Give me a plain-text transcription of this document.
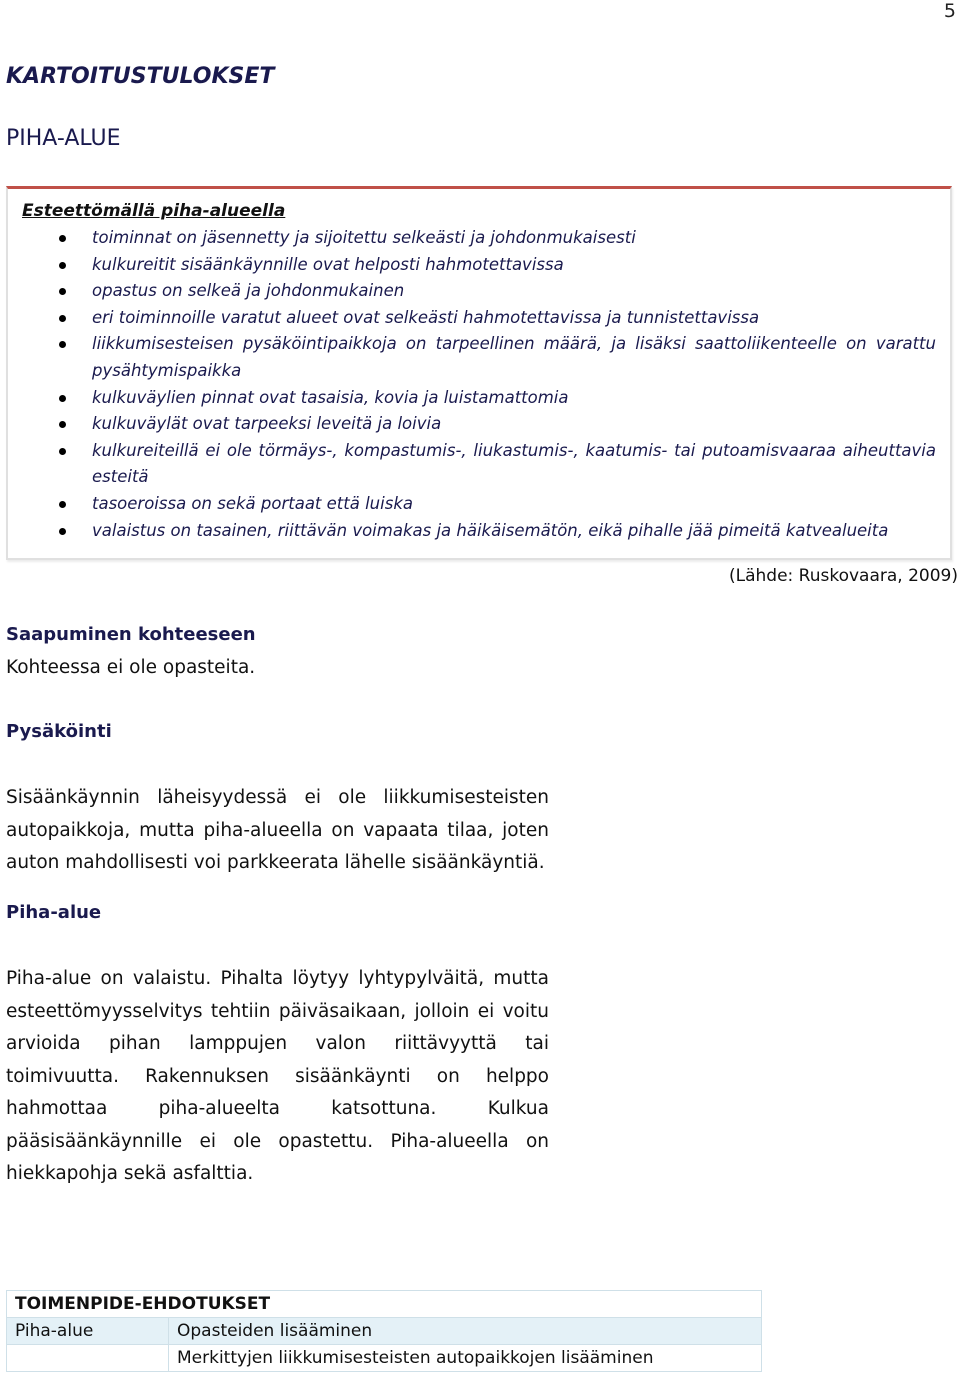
5
KARTOITUSTULOKSET
PIHA-ALUE

Esteettömällä piha-alueella

toiminnat on jäsennetty ja sijoitettu selkeästi ja johdonmukaisesti
kulkureitit sisäänkäynnille ovat helposti hahmotettavissa
opastus on selkeä ja johdonmukainen
eri toiminnoille varatut alueet ovat selkeästi hahmotettavissa ja tunnistettavissa
liikkumisesteisen pysäköintipaikkoja on tarpeellinen määrä, ja lisäksi saattoliikenteelle on varattu pysähtymispaikka
kulkuväylien pinnat ovat tasaisia, kovia ja luistamattomia
kulkuväylät ovat tarpeeksi leveitä ja loivia
kulkureiteillä ei ole törmäys-, kompastumis-, liukastumis-, kaatumis- tai putoamisvaaraa aiheuttavia esteitä
tasoeroissa on sekä portaat että luiska
valaistus on tasainen, riittävän voimakas ja häikäisemätön, eikä pihalle jää pimeitä katvealueita
(Lähde: Ruskovaara, 2009)
Saapuminen kohteeseen

Kohteessa ei ole opasteita.

Pysäköinti

Sisäänkäynnin läheisyydessä ei ole liikkumisesteisten autopaikkoja, mutta piha-alueella on vapaata tilaa, joten auton mahdollisesti voi parkkeerata lähelle sisäänkäyntiä.

Piha-alue

Piha-alue on valaistu. Pihalta löytyy lyhtypylväitä, mutta esteettömyysselvitys tehtiin päiväsaikaan, jolloin ei voitu arvioida pihan lamppujen valon riittävyyttä tai toimivuutta. Rakennuksen sisäänkäynti on helppo hahmottaa piha-alueelta katsottuna. Kulkua pääsisäänkäynnille ei ole opastettu. Piha-alueella on hiekkapohja sekä asfalttia.

TOIMENPIDE-EHDOTUKSET	
Piha-alue	Opasteiden lisääminen
	Merkittyjen liikkumisesteisten autopaikkojen lisääminen
